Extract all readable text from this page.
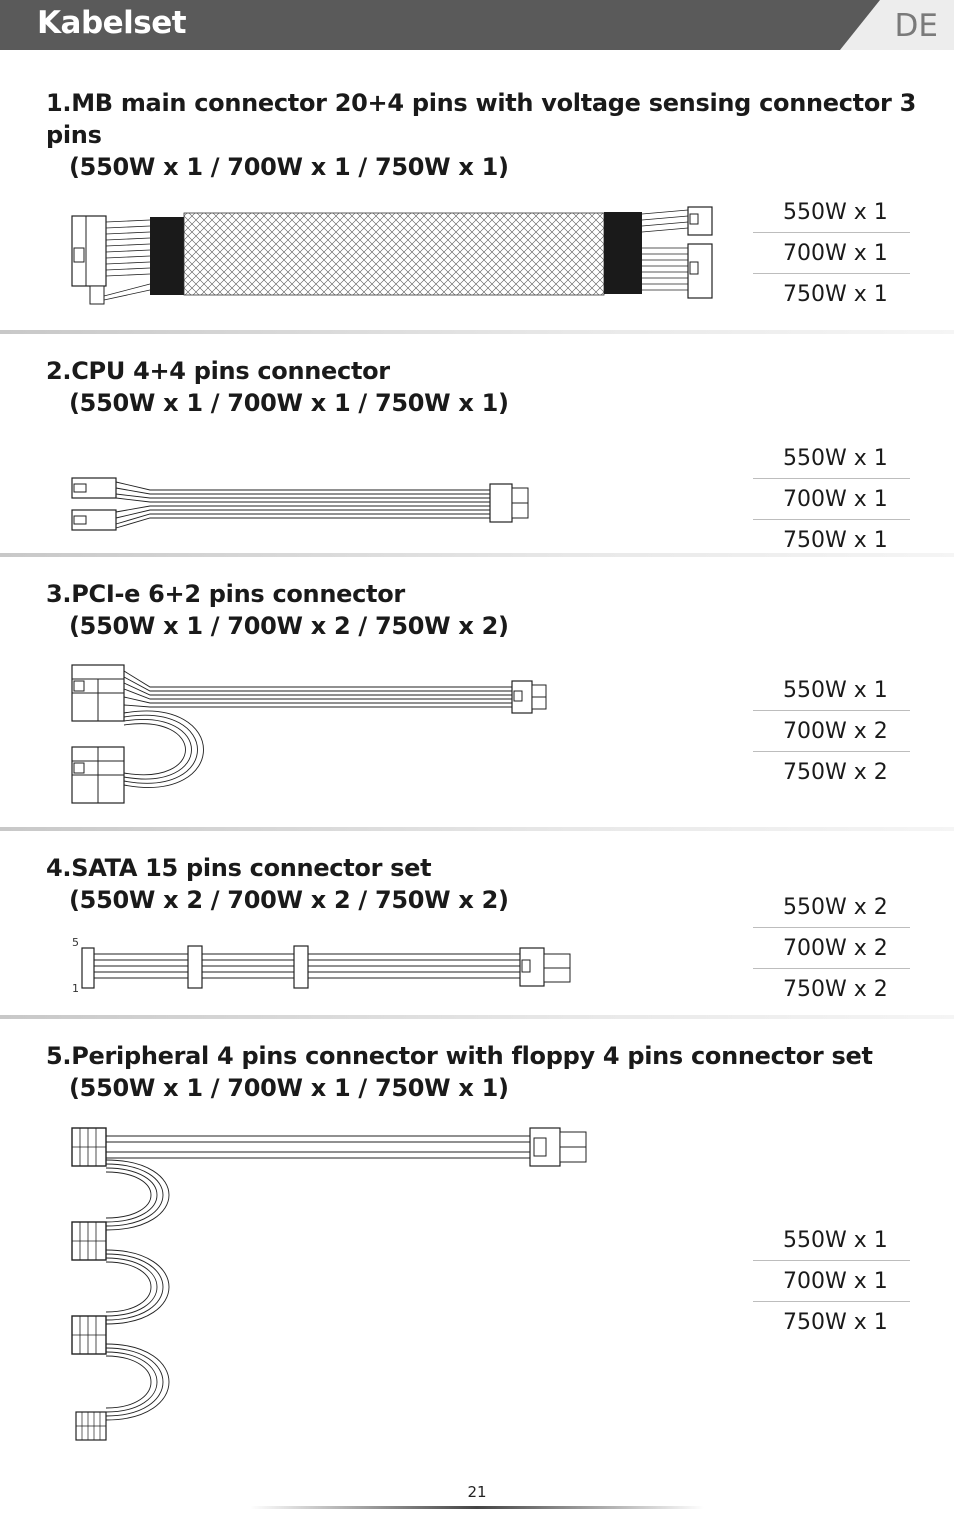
Kabelset	DE
1.MB main connector 20+4 pins with voltage sensing connector 3 pins
(550W x 1 / 700W x 1 / 750W x 1)
550W x 1
700W x 1
750W x 1
2.CPU 4+4 pins connector
(550W x 1 / 700W x 1 / 750W x 1)
550W x 1
700W x 1
750W x 1
3.PCI-e 6+2 pins connector
(550W x 1 / 700W x 2 / 750W x 2)
550W x 1
700W x 2
750W x 2
4.SATA 15 pins connector set
(550W x 2 / 700W x 2 / 750W x 2)	550W x 2
700W x 2
750W x 2
5
1
5.Peripheral 4 pins connector with floppy 4 pins connector set
(550W x 1 / 700W x 1 / 750W x 1)
550W x 1
700W x 1
750W x 1
21
